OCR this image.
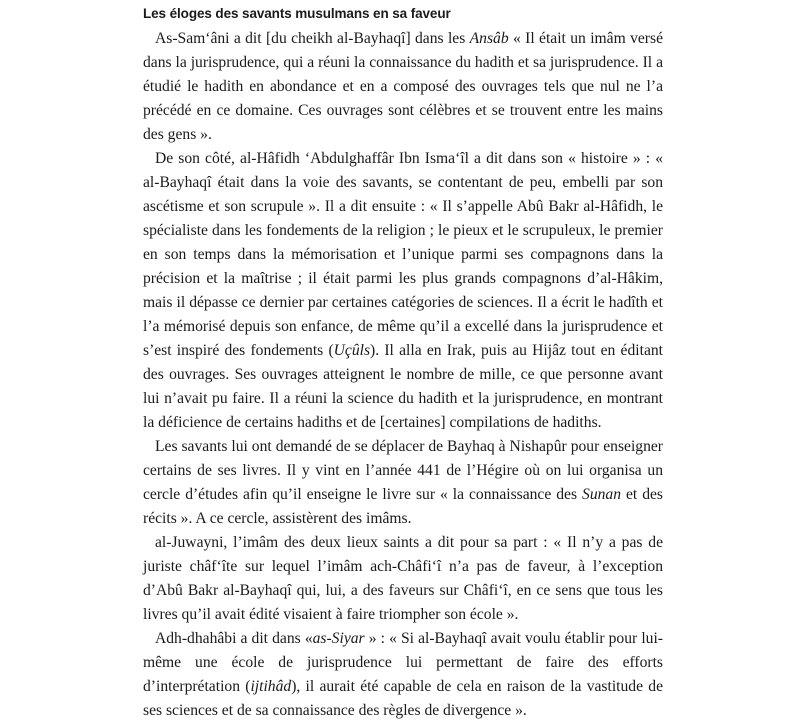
Les éloges des savants musulmans en sa faveur

As-Sam‘âni a dit [du cheikh al-Bayhaqî] dans les Ansâb « Il était un imâm versé dans la jurisprudence, qui a réuni la connaissance du hadith et sa jurisprudence. Il a étudié le hadith en abondance et en a composé des ouvrages tels que nul ne l’a précédé en ce domaine. Ces ouvrages sont célèbres et se trouvent entre les mains des gens ».

De son côté, al-Hâfidh ‘Abdulghaffâr Ibn Isma‘îl a dit dans son « histoire » : « al-Bayhaqî était dans la voie des savants, se contentant de peu, embelli par son ascétisme et son scrupule ». Il a dit ensuite : « Il s’appelle Abû Bakr al-Hâfidh, le spécialiste dans les fondements de la religion ; le pieux et le scrupuleux, le premier en son temps dans la mémorisation et l’unique parmi ses compagnons dans la précision et la maîtrise ; il était parmi les plus grands compagnons d’al-Hâkim, mais il dépasse ce dernier par certaines catégories de sciences. Il a écrit le hadîth et l’a mémorisé depuis son enfance, de même qu’il a excellé dans la jurisprudence et s’est inspiré des fondements (Uçûls). Il alla en Irak, puis au Hijâz tout en éditant des ouvrages. Ses ouvrages atteignent le nombre de mille, ce que personne avant lui n’avait pu faire. Il a réuni la science du hadith et la jurisprudence, en montrant la déficience de certains hadiths et de [certaines] compilations de hadiths.

Les savants lui ont demandé de se déplacer de Bayhaq à Nishapûr pour enseigner certains de ses livres. Il y vint en l’année 441 de l’Hégire où on lui organisa un cercle d’études afin qu’il enseigne le livre sur « la connaissance des Sunan et des récits ». A ce cercle, assistèrent des imâms.

al-Juwayni, l’imâm des deux lieux saints a dit pour sa part : « Il n’y a pas de juriste châf‘îte sur lequel l’imâm ach-Châfi‘î n’a pas de faveur, à l’exception d’Abû Bakr al-Bayhaqî qui, lui, a des faveurs sur Châfi‘î, en ce sens que tous les livres qu’il avait édité visaient à faire triompher son école ».

Adh-dhahâbi a dit dans «as-Siyar » : « Si al-Bayhaqî avait voulu établir pour lui-même une école de jurisprudence lui permettant de faire des efforts d’interprétation (ijtihâd), il aurait été capable de cela en raison de la vastitude de ses sciences et de sa connaissance des règles de divergence ».
